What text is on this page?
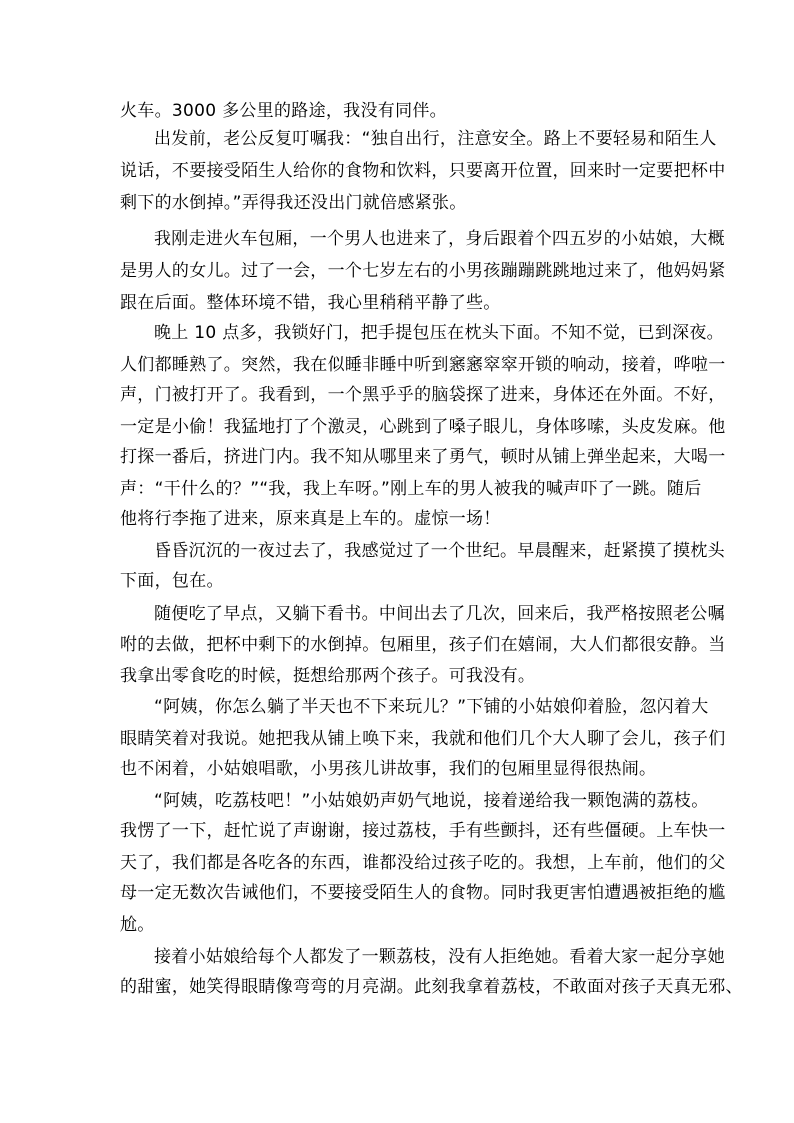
火车。3000 多公里的路途，我没有同伴。
出发前，老公反复叮嘱我：“独自出行，注意安全。路上不要轻易和陌生人
说话，不要接受陌生人给你的食物和饮料，只要离开位置，回来时一定要把杯中
剩下的水倒掉。”弄得我还没出门就倍感紧张。
我刚走进火车包厢，一个男人也进来了，身后跟着个四五岁的小姑娘，大概
是男人的女儿。过了一会，一个七岁左右的小男孩蹦蹦跳跳地过来了，他妈妈紧
跟在后面。整体环境不错，我心里稍稍平静了些。
晚上 10 点多，我锁好门，把手提包压在枕头下面。不知不觉，已到深夜。
人们都睡熟了。突然，我在似睡非睡中听到窸窸窣窣开锁的响动，接着，哗啦一
声，门被打开了。我看到，一个黑乎乎的脑袋探了进来，身体还在外面。不好，
一定是小偷！我猛地打了个激灵，心跳到了嗓子眼儿，身体哆嗦，头皮发麻。他
打探一番后，挤进门内。我不知从哪里来了勇气，顿时从铺上弹坐起来，大喝一
声：“干什么的？”“我，我上车呀。”刚上车的男人被我的喊声吓了一跳。随后
他将行李拖了进来，原来真是上车的。虚惊一场！
昏昏沉沉的一夜过去了，我感觉过了一个世纪。早晨醒来，赶紧摸了摸枕头
下面，包在。
随便吃了早点，又躺下看书。中间出去了几次，回来后，我严格按照老公嘱
咐的去做，把杯中剩下的水倒掉。包厢里，孩子们在嬉闹，大人们都很安静。当
我拿出零食吃的时候，挺想给那两个孩子。可我没有。
“阿姨，你怎么躺了半天也不下来玩儿？”下铺的小姑娘仰着脸，忽闪着大
眼睛笑着对我说。她把我从铺上唤下来，我就和他们几个大人聊了会儿，孩子们
也不闲着，小姑娘唱歌，小男孩儿讲故事，我们的包厢里显得很热闹。
“阿姨，吃荔枝吧！”小姑娘奶声奶气地说，接着递给我一颗饱满的荔枝。
我愣了一下，赶忙说了声谢谢，接过荔枝，手有些颤抖，还有些僵硬。上车快一
天了，我们都是各吃各的东西，谁都没给过孩子吃的。我想，上车前，他们的父
母一定无数次告诫他们，不要接受陌生人的食物。同时我更害怕遭遇被拒绝的尴
尬。
接着小姑娘给每个人都发了一颗荔枝，没有人拒绝她。看着大家一起分享她
的甜蜜，她笑得眼睛像弯弯的月亮湖。此刻我拿着荔枝，不敢面对孩子天真无邪、
